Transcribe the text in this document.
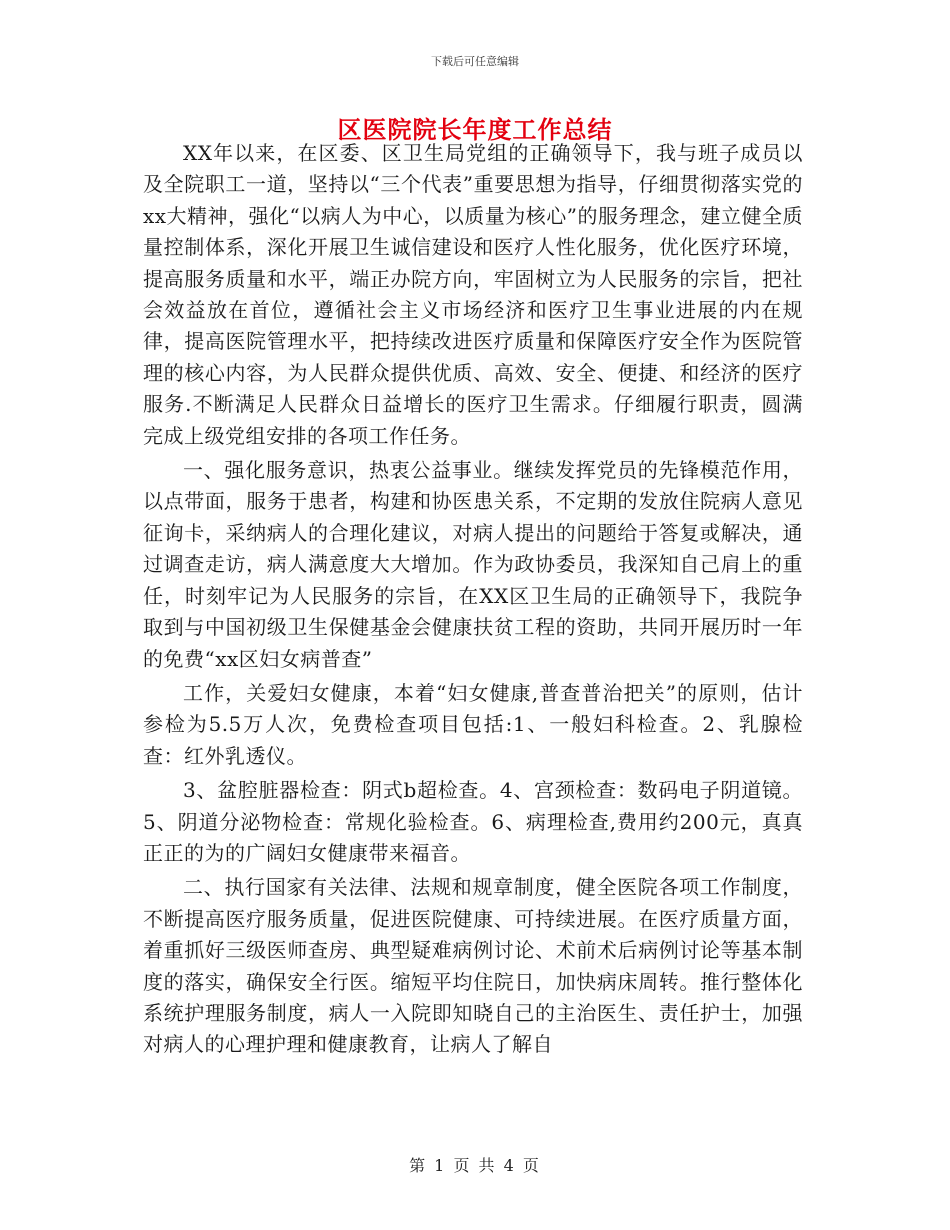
下载后可任意编辑
区医院院长年度工作总结

XX年以来，在区委、区卫生局党组的正确领导下，我与班子成员以及全院职工一道，坚持以“三个代表”重要思想为指导，仔细贯彻落实党的xx大精神，强化“以病人为中心，以质量为核心”的服务理念，建立健全质量控制体系，深化开展卫生诚信建设和医疗人性化服务，优化医疗环境，提高服务质量和水平，端正办院方向，牢固树立为人民服务的宗旨，把社会效益放在首位，遵循社会主义市场经济和医疗卫生事业进展的内在规律，提高医院管理水平，把持续改进医疗质量和保障医疗安全作为医院管理的核心内容，为人民群众提供优质、高效、安全、便捷、和经济的医疗服务.不断满足人民群众日益增长的医疗卫生需求。仔细履行职责，圆满完成上级党组安排的各项工作任务。

一、强化服务意识，热衷公益事业。继续发挥党员的先锋模范作用，以点带面，服务于患者，构建和协医患关系，不定期的发放住院病人意见征询卡，采纳病人的合理化建议，对病人提出的问题给于答复或解决，通过调查走访，病人满意度大大增加。作为政协委员，我深知自己肩上的重任，时刻牢记为人民服务的宗旨，在XX区卫生局的正确领导下，我院争取到与中国初级卫生保健基金会健康扶贫工程的资助，共同开展历时一年的免费“xx区妇女病普查”

工作，关爱妇女健康，本着“妇女健康,普查普治把关”的原则，估计参检为5.5万人次，免费检查项目包括:1、一般妇科检查。2、乳腺检查：红外乳透仪。

3、盆腔脏器检查：阴式b超检查。4、宫颈检查：数码电子阴道镜。5、阴道分泌物检查：常规化验检查。6、病理检查,费用约200元，真真正正的为的广阔妇女健康带来福音。

二、执行国家有关法律、法规和规章制度，健全医院各项工作制度，不断提高医疗服务质量，促进医院健康、可持续进展。在医疗质量方面，着重抓好三级医师查房、典型疑难病例讨论、术前术后病例讨论等基本制度的落实，确保安全行医。缩短平均住院日，加快病床周转。推行整体化系统护理服务制度，病人一入院即知晓自己的主治医生、责任护士，加强对病人的心理护理和健康教育，让病人了解自

第 1 页 共 4 页
